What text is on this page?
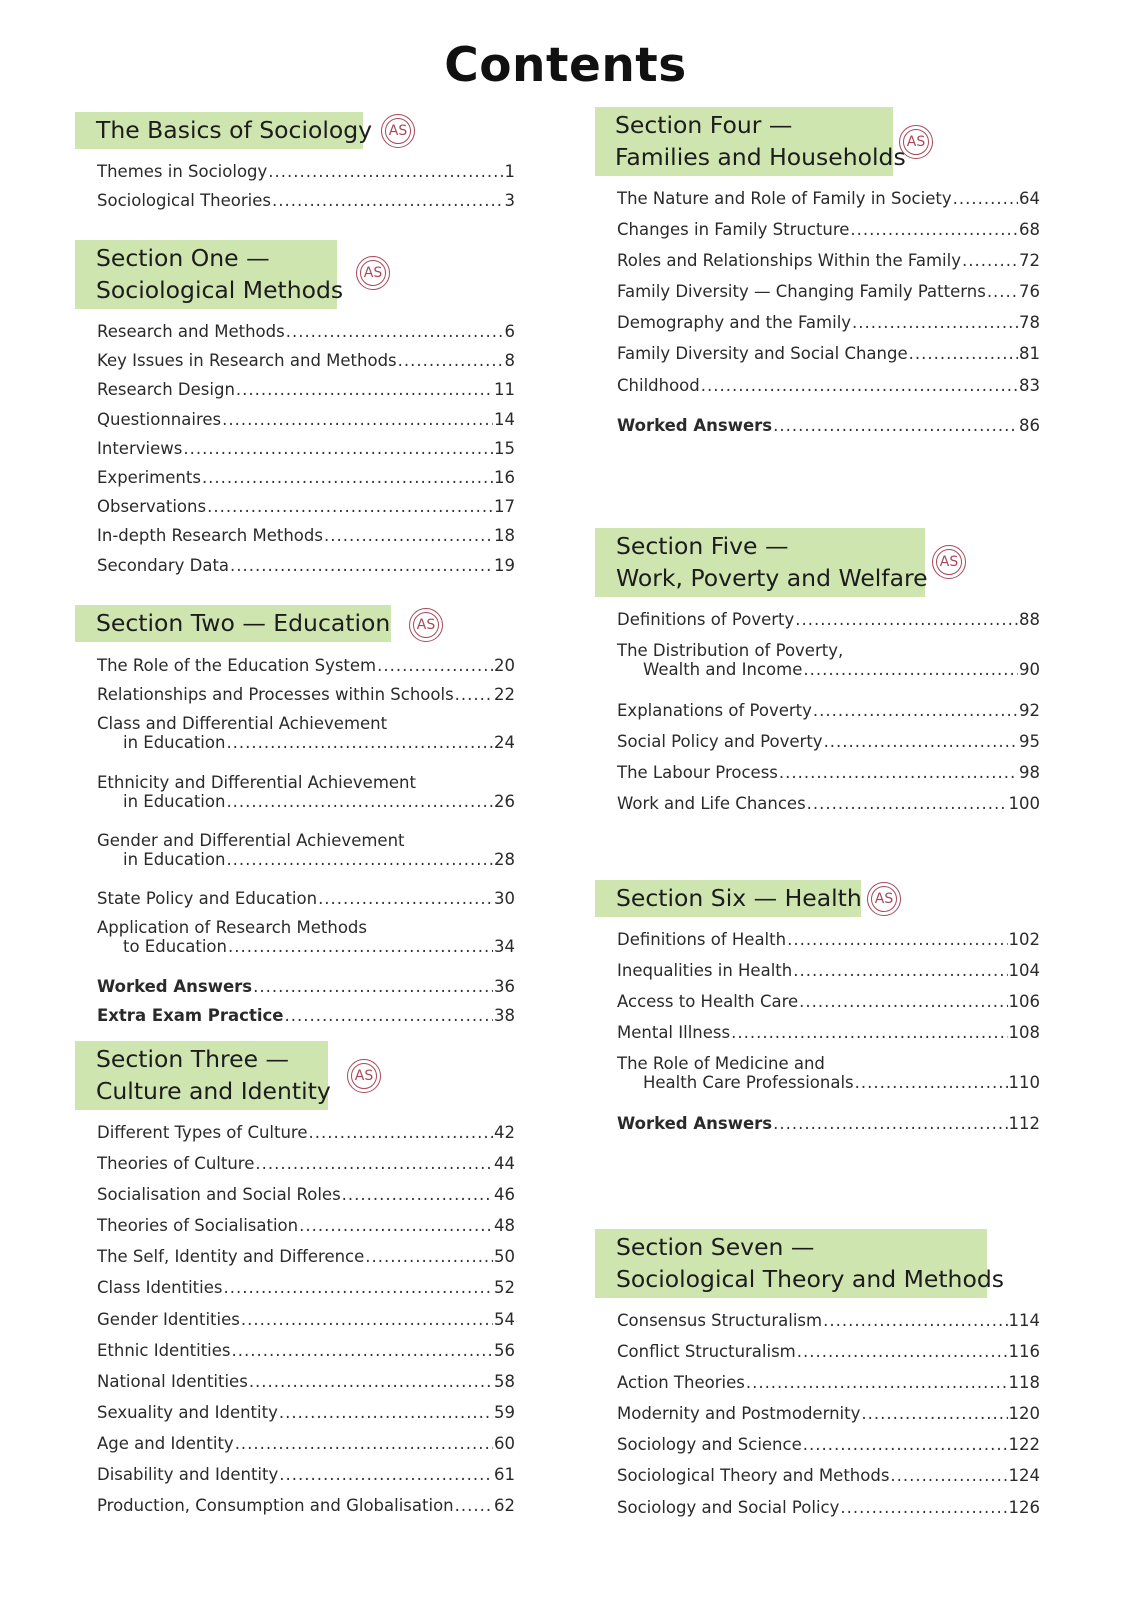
Contents
The Basics of Sociology AS
Themes in Sociology .....	1
Sociological Theories .....	3
Section One —
Sociological Methods
AS
Research and Methods .....	6
Key Issues in Research and Methods .....	8
Research Design .....	11
Questionnaires .....	14
Interviews .....	15
Experiments .....	16
Observations .....	17
In-depth Research Methods .....	18
Secondary Data .....	19
Section Two — Education AS
The Role of the Education System .....	20
Relationships and Processes within Schools ..... 22
Class and Differential Achievement
in Education .....	24
Ethnicity and Differential Achievement
in Education .....	26
Gender and Differential Achievement
in Education .....	28
State Policy and Education .....	30
Application of Research Methods
to Education .....	34
Worked Answers .....	36
Extra Exam Practice .....	38
Section Three —
Culture and Identity
AS
Different Types of Culture .....	42
Theories of Culture .....	44
Socialisation and Social Roles .....	46
Theories of Socialisation .....	48
The Self, Identity and Difference .....	50
Class Identities .....	52
Gender Identities .....	54
Ethnic Identities .....	56
National Identities .....	58
Sexuality and Identity .....	59
Age and Identity .....	60
Disability and Identity .....	61
Production, Consumption and Globalisation ..... 62
Section Four —
Families and Households
AS
The Nature and Role of Family in Society .....	64
Changes in Family Structure .....	68
Roles and Relationships Within the Family .....	72
Family Diversity — Changing Family Patterns ..... 76
Demography and the Family .....	78
Family Diversity and Social Change .....	81
Childhood .....	83
Worked Answers .....	86
Section Five —
Work, Poverty and Welfare
AS
Definitions of Poverty .....	88
The Distribution of Poverty,
Wealth and Income .....	90
Explanations of Poverty .....	92
Social Policy and Poverty .....	95
The Labour Process .....	98
Work and Life Chances .....	100
Section Six — Health AS
Definitions of Health .....	102
Inequalities in Health .....	104
Access to Health Care .....	106
Mental Illness .....	108
The Role of Medicine and
Health Care Professionals .....	110
Worked Answers .....	112
Section Seven —
Sociological Theory and Methods
Consensus Structuralism .....	114
Conflict Structuralism .....	116
Action Theories .....	118
Modernity and Postmodernity .....	120
Sociology and Science .....	122
Sociological Theory and Methods .....	124
Sociology and Social Policy .....	126
